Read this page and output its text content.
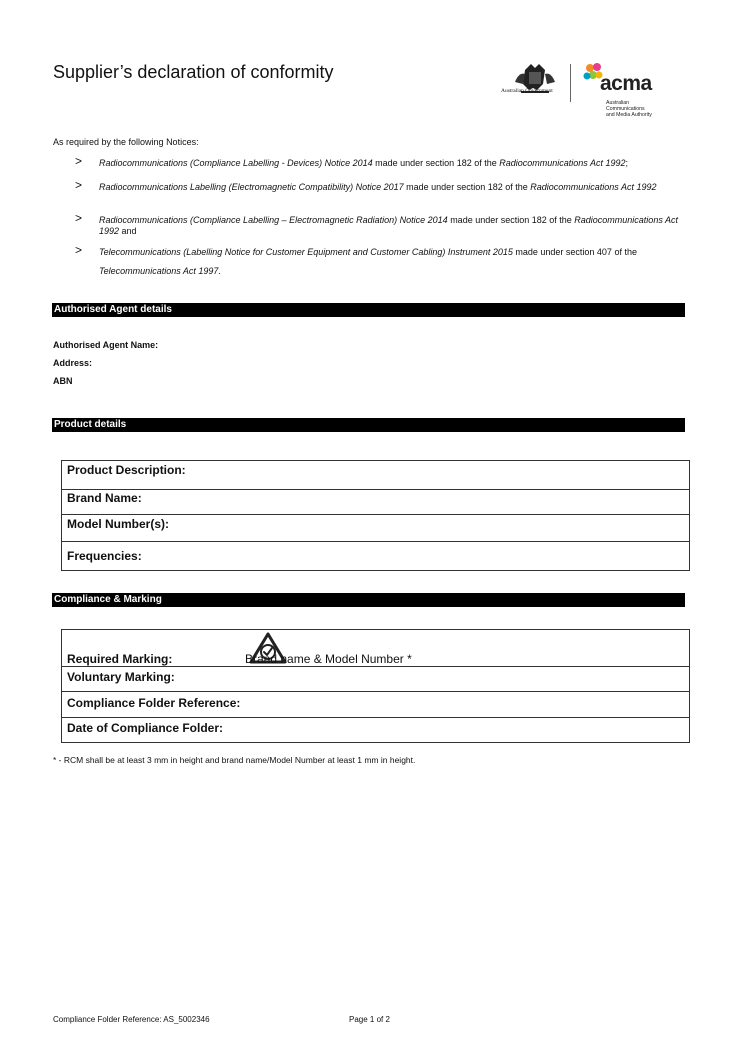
Supplier’s declaration of conformity
Australian Government acma
Australian
Communications
and Media Authority
As required by the following Notices:
> Radiocommunications (Compliance Labelling - Devices) Notice 2014 made under section 182 of the Radiocommunications Act 1992;
> Radiocommunications Labelling (Electromagnetic Compatibility) Notice 2017 made under section 182 of the Radiocommunications Act 1992
> Radiocommunications (Compliance Labelling – Electromagnetic Radiation) Notice 2014 made under section 182 of the Radiocommunications Act 1992 and
> Telecommunications (Labelling Notice for Customer Equipment and Customer Cabling) Instrument 2015 made under section 407 of the Telecommunications Act 1997.
Authorised Agent details
Authorised Agent Name:
Address:
ABN
Product details
Product Description:
Brand Name:
Model Number(s):
Frequencies:
Compliance & Marking
Required Marking:	Brand name & Model Number *
Voluntary Marking:
Compliance Folder Reference:
Date of Compliance Folder:
* - RCM shall be at least 3 mm in height and brand name/Model Number at least 1 mm in height.
Compliance Folder Reference: AS_5002346	Page 1 of 2
